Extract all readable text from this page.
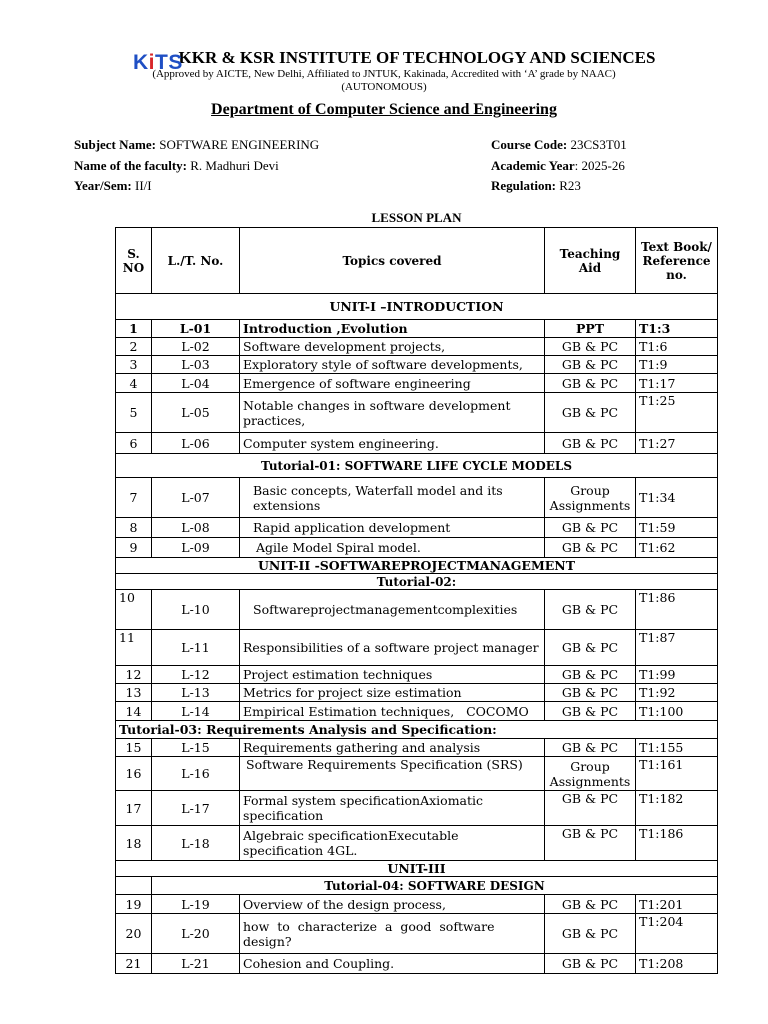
KiTS
KKR & KSR INSTITUTE OF TECHNOLOGY AND SCIENCES
(Approved by AICTE, New Delhi, Affiliated to JNTUK, Kakinada, Accredited with ‘A’ grade by NAAC)
(AUTONOMOUS)
Department of Computer Science and Engineering
Subject Name: SOFTWARE ENGINEERING
Name of the faculty: R. Madhuri Devi
Year/Sem: II/I
Course Code: 23CS3T01
Academic Year: 2025-26
Regulation: R23
LESSON PLAN
S. NO	L./T. No.	Topics covered	Teaching Aid	Text Book/ Reference no.
UNIT-I –INTRODUCTION				
1	L-01	Introduction ,Evolution	PPT	T1:3
2	L-02	Software development projects,	GB & PC	T1:6
3	L-03	Exploratory style of software developments,	GB & PC	T1:9
4	L-04	Emergence of software engineering	GB & PC	T1:17
5	L-05	Notable changes in software development practices,	GB & PC	T1:25
6	L-06	Computer system engineering.	GB & PC	T1:27
Tutorial-01: SOFTWARE LIFE CYCLE MODELS				
7	L-07	Basic concepts, Waterfall model and its extensions	Group Assignments	T1:34
8	L-08	Rapid application development	GB & PC	T1:59
9	L-09	Agile Model Spiral model.	GB & PC	T1:62
UNIT-II -SOFTWAREPROJECTMANAGEMENT				
Tutorial-02:				
10	L-10	Softwareprojectmanagementcomplexities	GB & PC	T1:86
11	L-11	Responsibilities of a software project manager	GB & PC	T1:87
12	L-12	Project estimation techniques	GB & PC	T1:99
13	L-13	Metrics for project size estimation	GB & PC	T1:92
14	L-14	Empirical Estimation techniques,   COCOMO	GB & PC	T1:100
Tutorial-03: Requirements Analysis and Specification:				
15	L-15	Requirements gathering and analysis	GB & PC	T1:155
16	L-16	Software Requirements Specification (SRS)	Group Assignments	T1:161
17	L-17	Formal system specificationAxiomatic specification	GB & PC	T1:182
18	L-18	Algebraic specificationExecutable specification 4GL.	GB & PC	T1:186
UNIT-III				
	Tutorial-04: SOFTWARE DESIGN			
19	L-19	Overview of the design process,	GB & PC	T1:201
20	L-20	how  to  characterize  a  good  software design?	GB & PC	T1:204
21	L-21	Cohesion and Coupling.	GB & PC	T1:208
